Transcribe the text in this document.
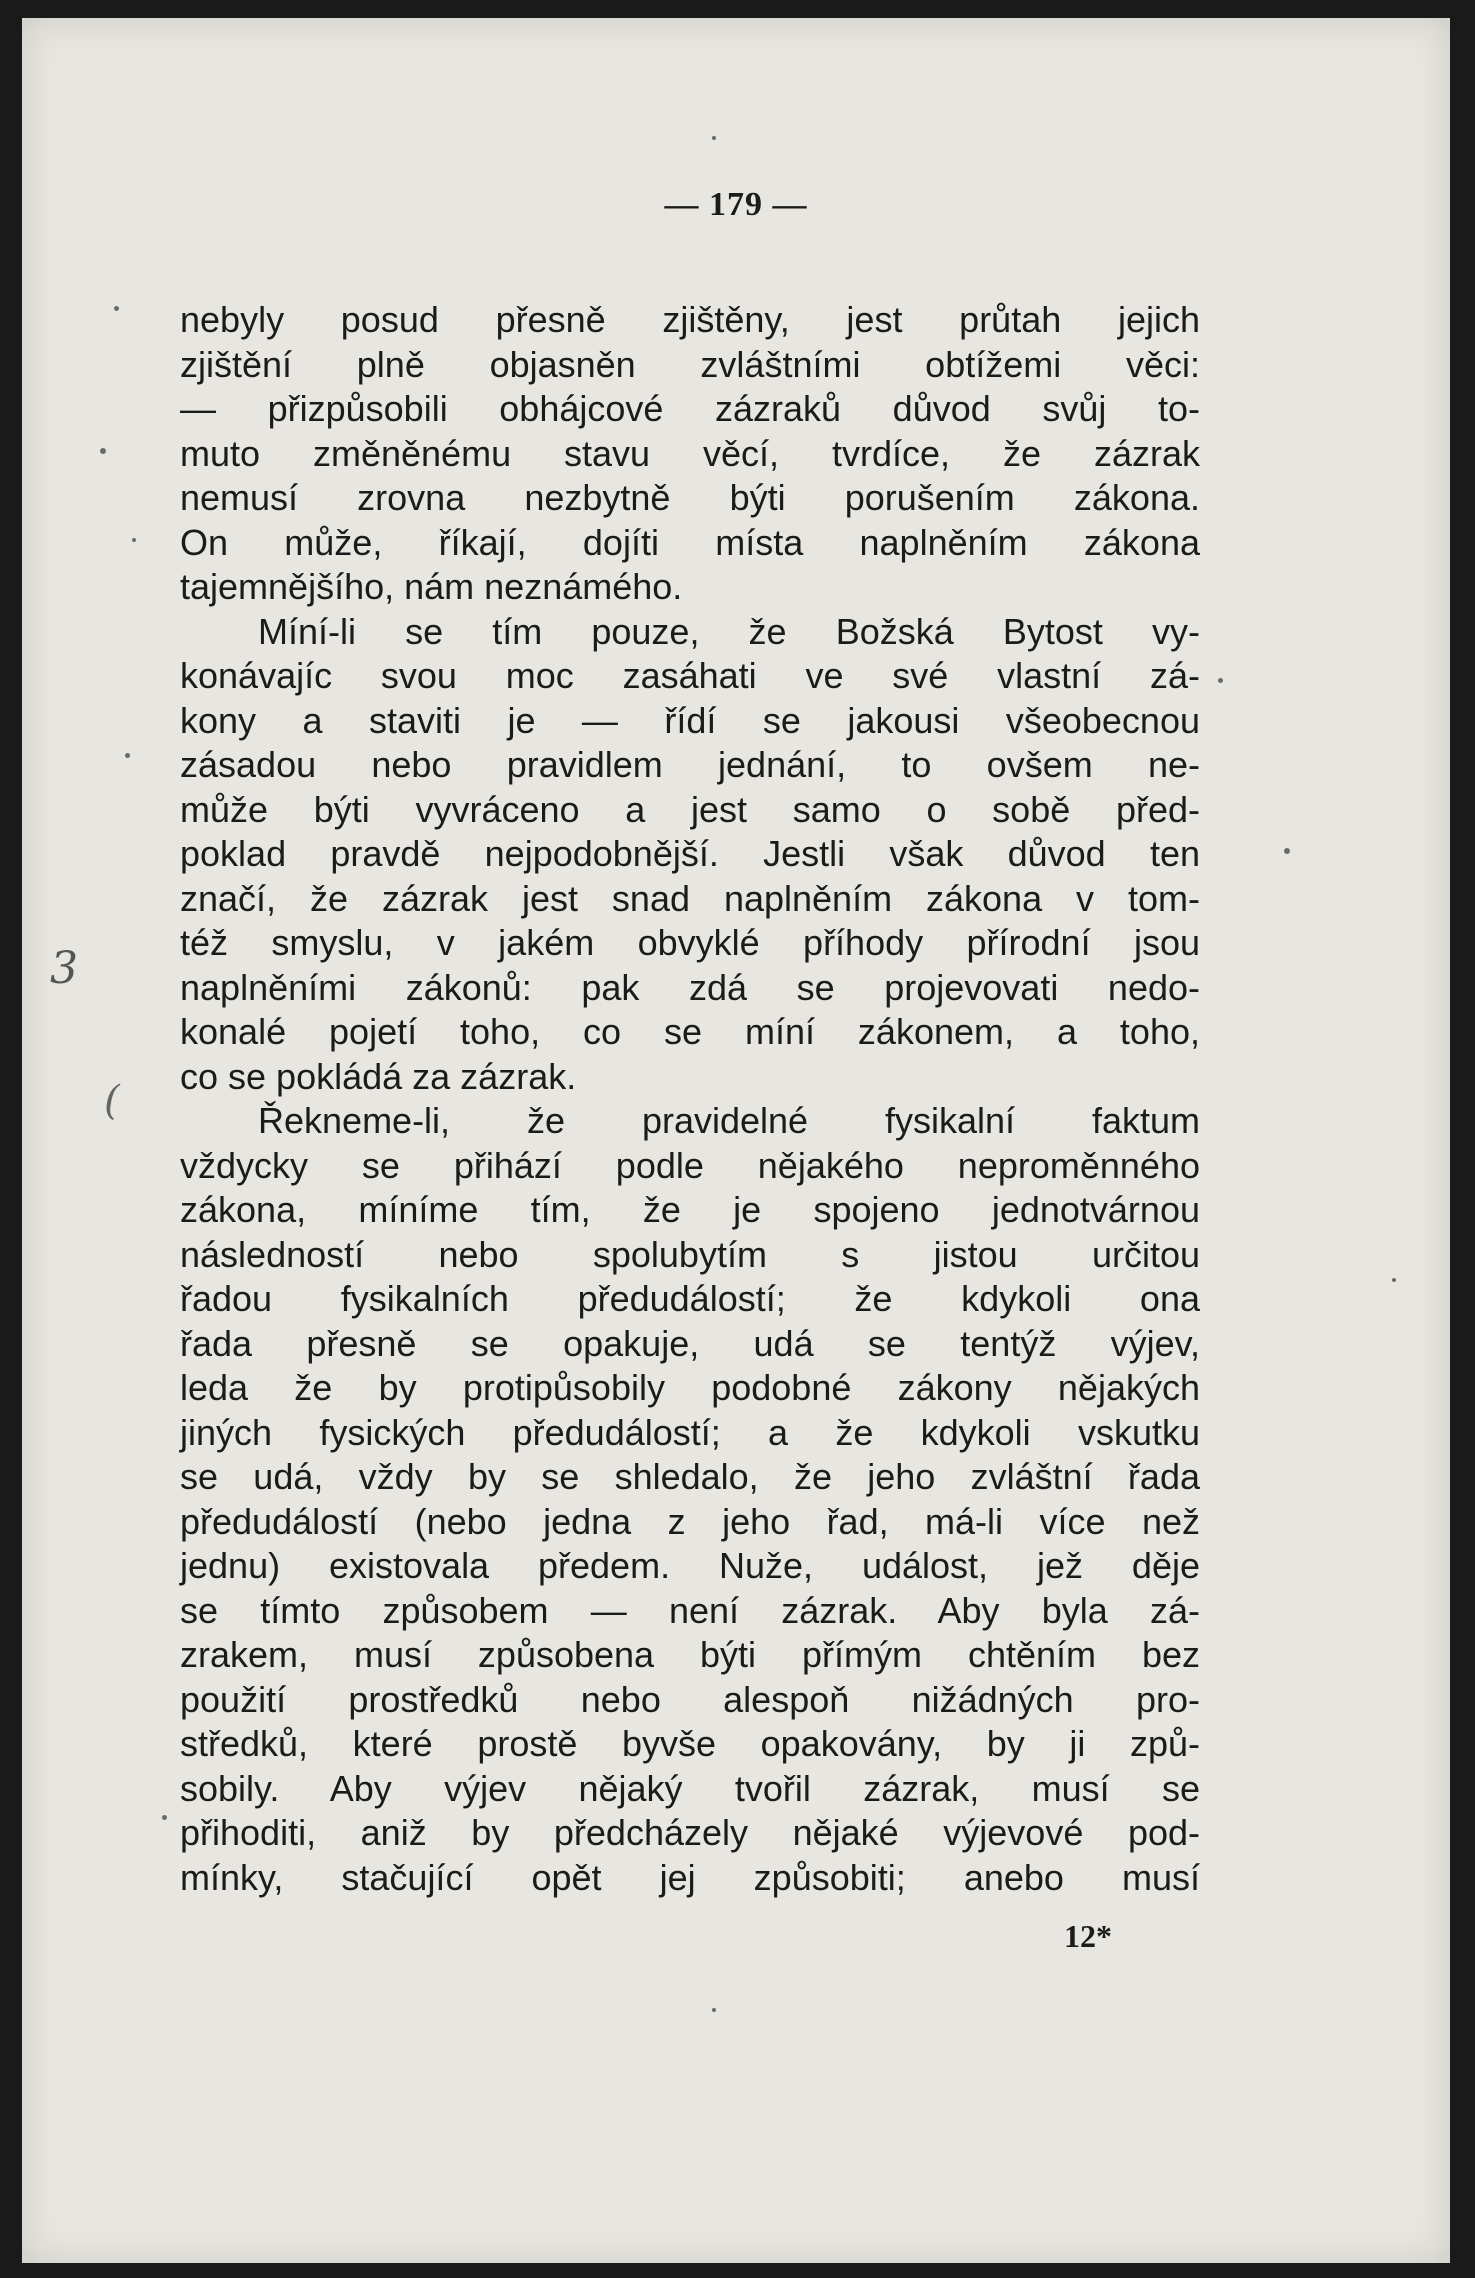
— 179 —
3
(
nebyly posud přesně zjištěny, jest průtah jejich
zjištění plně objasněn zvláštními obtížemi věci:
— přizpůsobili obhájcové zázraků důvod svůj to-
muto změněnému stavu věcí, tvrdíce, že zázrak
nemusí zrovna nezbytně býti porušením zákona.
On může, říkají, dojíti místa naplněním zákona
tajemnějšího, nám neznámého.
Míní-li se tím pouze, že Božská Bytost vy-
konávajíc svou moc zasáhati ve své vlastní zá-
kony a staviti je — řídí se jakousi všeobecnou
zásadou nebo pravidlem jednání, to ovšem ne-
může býti vyvráceno a jest samo o sobě před-
poklad pravdě nejpodobnější. Jestli však důvod ten
značí, že zázrak jest snad naplněním zákona v tom-
též smyslu, v jakém obvyklé příhody přírodní jsou
naplněními zákonů: pak zdá se projevovati nedo-
konalé pojetí toho, co se míní zákonem, a toho,
co se pokládá za zázrak.
Řekneme-li, že pravidelné fysikalní faktum
vždycky se přihází podle nějakého neproměnného
zákona, míníme tím, že je spojeno jednotvárnou
následností nebo spolubytím s jistou určitou
řadou fysikalních předudálostí; že kdykoli ona
řada přesně se opakuje, udá se tentýž výjev,
leda že by protipůsobily podobné zákony nějakých
jiných fysických předudálostí; a že kdykoli vskutku
se udá, vždy by se shledalo, že jeho zvláštní řada
předudálostí (nebo jedna z jeho řad, má-li více než
jednu) existovala předem. Nuže, událost, jež děje
se tímto způsobem — není zázrak. Aby byla zá-
zrakem, musí způsobena býti přímým chtěním bez
použití prostředků nebo alespoň nižádných pro-
středků, které prostě byvše opakovány, by ji způ-
sobily. Aby výjev nějaký tvořil zázrak, musí se
přihoditi, aniž by předcházely nějaké výjevové pod-
mínky, stačující opět jej způsobiti; anebo musí
12*
